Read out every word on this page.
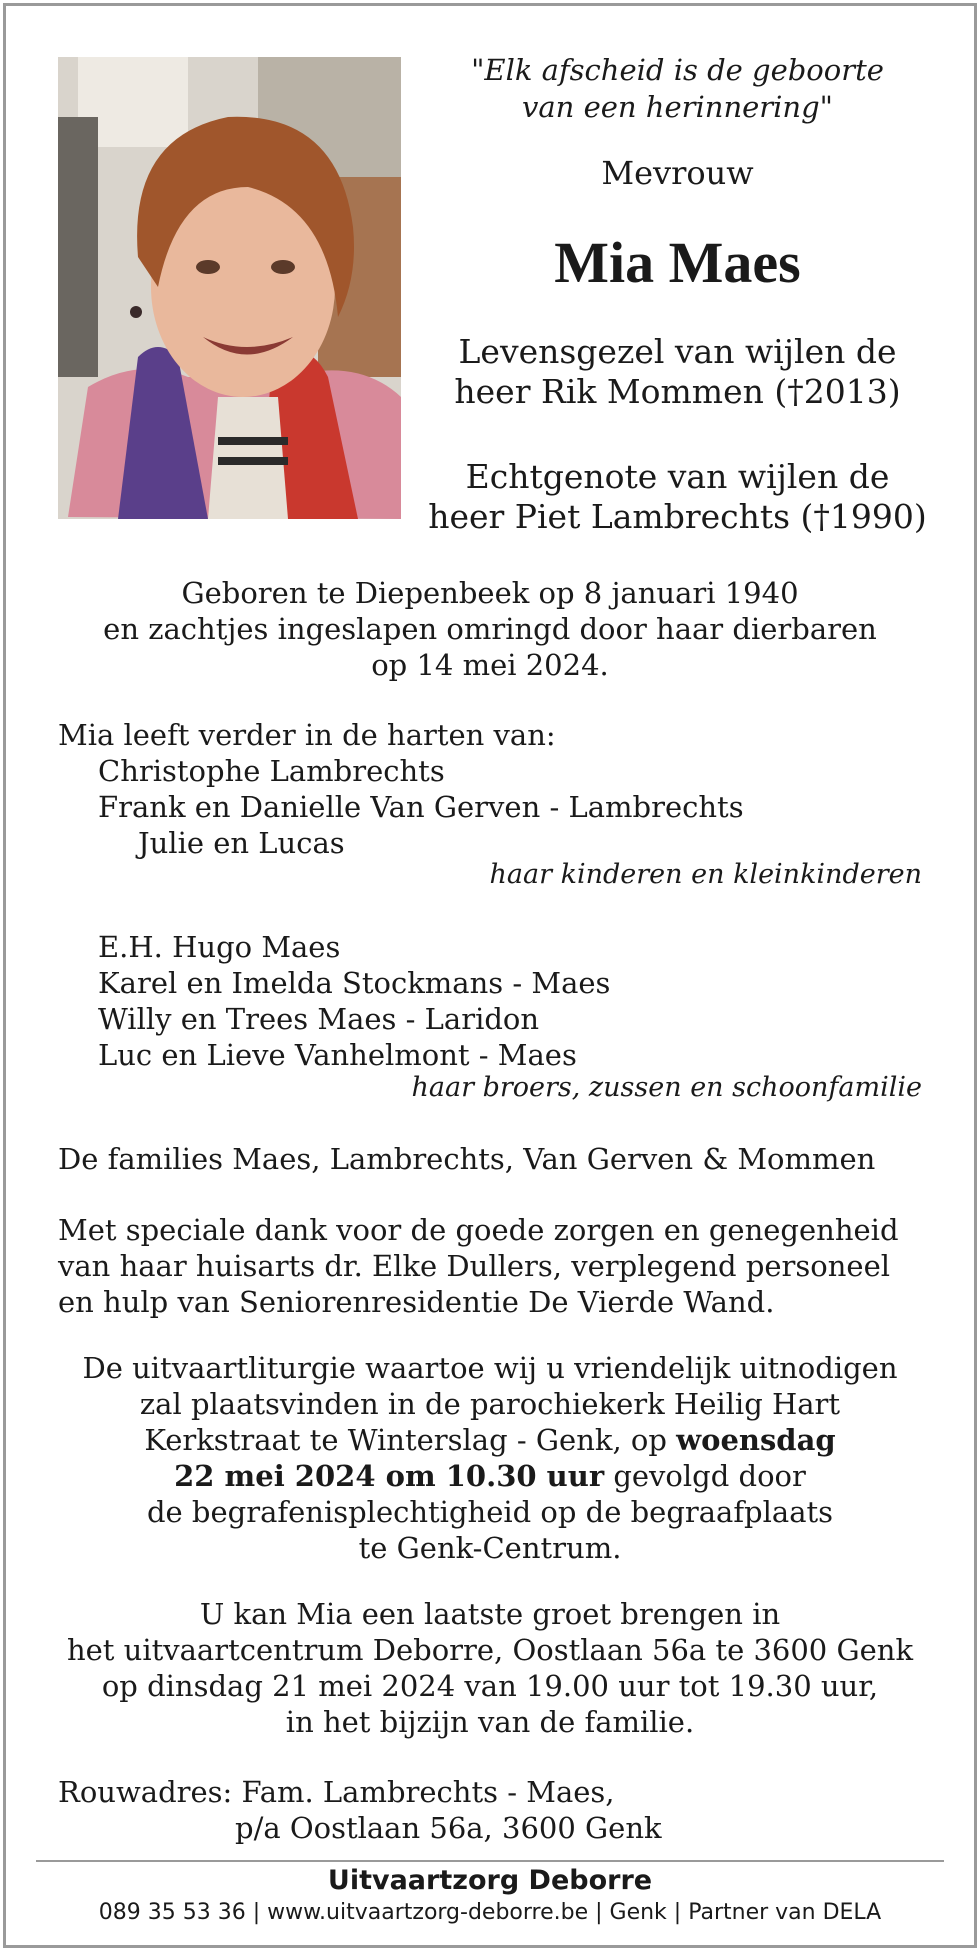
"Elk afscheid is de geboorte
van een herinnering"
Mevrouw
Mia Maes
Levensgezel van wijlen de
heer Rik Mommen (†2013)
Echtgenote van wijlen de
heer Piet Lambrechts (†1990)
Geboren te Diepenbeek op 8 januari 1940
en zachtjes ingeslapen omringd door haar dierbaren
op 14 mei 2024.
Mia leeft verder in de harten van:
Christophe Lambrechts
Frank en Danielle Van Gerven - Lambrechts
Julie en Lucas
haar kinderen en kleinkinderen
E.H. Hugo Maes
Karel en Imelda Stockmans - Maes
Willy en Trees Maes - Laridon
Luc en Lieve Vanhelmont - Maes
haar broers, zussen en schoonfamilie
De families Maes, Lambrechts, Van Gerven & Mommen
Met speciale dank voor de goede zorgen en genegenheid
van haar huisarts dr. Elke Dullers, verplegend personeel
en hulp van Seniorenresidentie De Vierde Wand.
De uitvaartliturgie waartoe wij u vriendelijk uitnodigen
zal plaatsvinden in de parochiekerk Heilig Hart
Kerkstraat te Winterslag - Genk, op woensdag
22 mei 2024 om 10.30 uur gevolgd door
de begrafenisplechtigheid op de begraafplaats
te Genk-Centrum.
U kan Mia een laatste groet brengen in
het uitvaartcentrum Deborre, Oostlaan 56a te 3600 Genk
op dinsdag 21 mei 2024 van 19.00 uur tot 19.30 uur,
in het bijzijn van de familie.
Rouwadres: Fam. Lambrechts - Maes,
p/a Oostlaan 56a, 3600 Genk
Uitvaartzorg Deborre
089 35 53 36 | www.uitvaartzorg-deborre.be | Genk | Partner van DELA
